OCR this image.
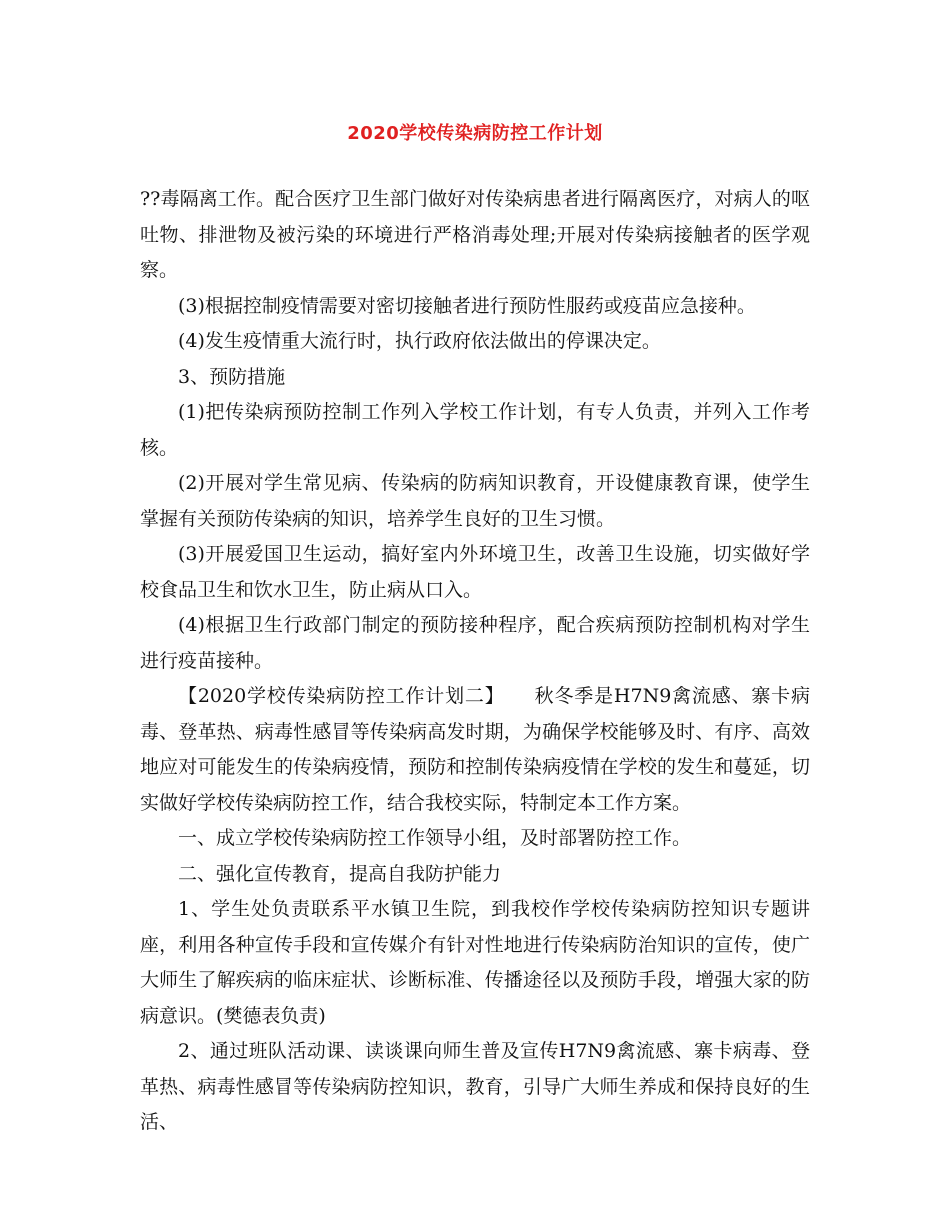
2020学校传染病防控工作计划

??毒隔离工作。配合医疗卫生部门做好对传染病患者进行隔离医疗，对病人的呕吐物、排泄物及被污染的环境进行严格消毒处理;开展对传染病接触者的医学观察。

(3)根据控制疫情需要对密切接触者进行预防性服药或疫苗应急接种。

(4)发生疫情重大流行时，执行政府依法做出的停课决定。

3、预防措施

(1)把传染病预防控制工作列入学校工作计划，有专人负责，并列入工作考核。

(2)开展对学生常见病、传染病的防病知识教育，开设健康教育课，使学生掌握有关预防传染病的知识，培养学生良好的卫生习惯。

(3)开展爱国卫生运动，搞好室内外环境卫生，改善卫生设施，切实做好学校食品卫生和饮水卫生，防止病从口入。

(4)根据卫生行政部门制定的预防接种程序，配合疾病预防控制机构对学生进行疫苗接种。

【2020学校传染病防控工作计划二】　　秋冬季是H7N9禽流感、寨卡病毒、登革热、病毒性感冒等传染病高发时期，为确保学校能够及时、有序、高效地应对可能发生的传染病疫情，预防和控制传染病疫情在学校的发生和蔓延，切实做好学校传染病防控工作，结合我校实际，特制定本工作方案。

一、成立学校传染病防控工作领导小组，及时部署防控工作。

二、强化宣传教育，提高自我防护能力

1、学生处负责联系平水镇卫生院，到我校作学校传染病防控知识专题讲座，利用各种宣传手段和宣传媒介有针对性地进行传染病防治知识的宣传，使广大师生了解疾病的临床症状、诊断标准、传播途径以及预防手段，增强大家的防病意识。(樊德表负责)

2、通过班队活动课、读谈课向师生普及宣传H7N9禽流感、寨卡病毒、登革热、病毒性感冒等传染病防控知识，教育，引导广大师生养成和保持良好的生活、
